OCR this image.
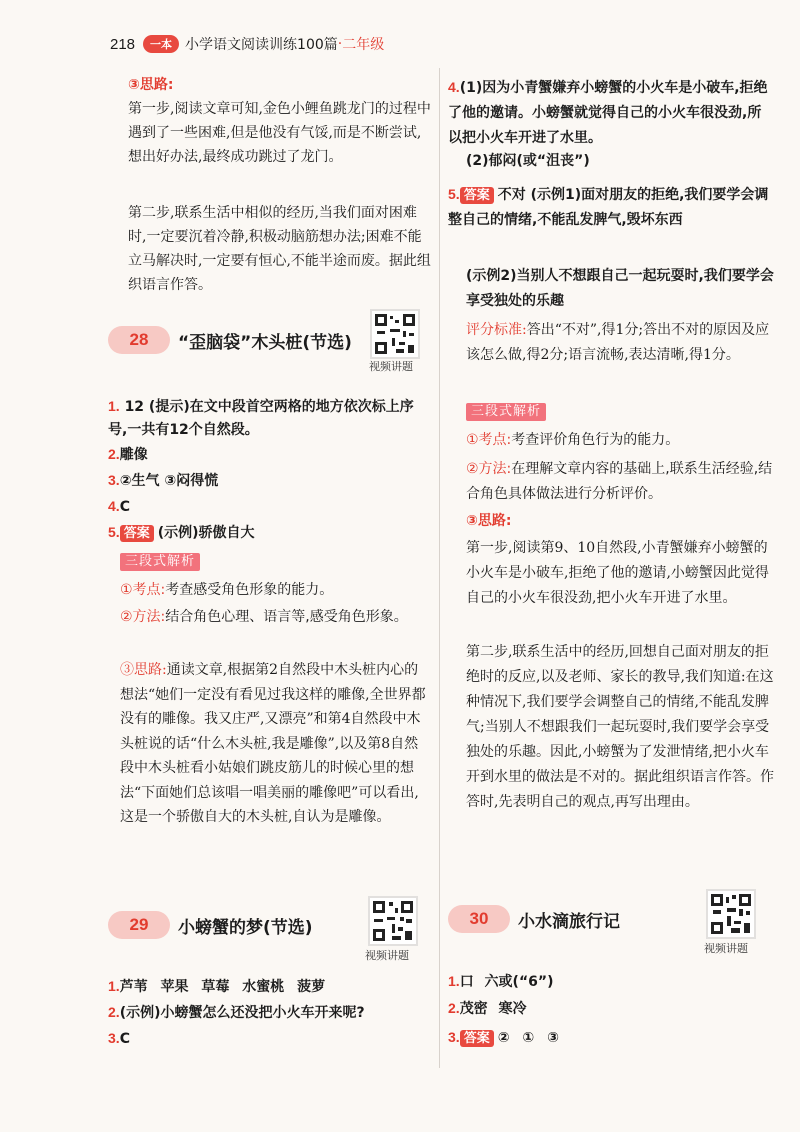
218	一本 小学语文阅读训练100篇 · 二年级
③思路:
第一步,阅读文章可知,金色小鲤鱼跳龙门的过程中遇到了一些困难,但是他没有气馁,而是不断尝试,想出好办法,最终成功跳过了龙门。
第二步,联系生活中相似的经历,当我们面对困难时,一定要沉着冷静,积极动脑筋想办法;困难不能立马解决时,一定要有恒心,不能半途而废。据此组织语言作答。
28 “歪脑袋”木头桩(节选)
视频讲题
1. 12 (提示)在文中段首空两格的地方依次标上序号,一共有12个自然段。
2.雕像
3.②生气 ③闷得慌
4.C
5. 答案 (示例)骄傲自大
三段式解析
①考点:考查感受角色形象的能力。
②方法:结合角色心理、语言等,感受角色形象。
③思路:通读文章,根据第2自然段中木头桩内心的想法“她们一定没有看见过我这样的雕像,全世界都没有的雕像。我又庄严,又漂亮”和第4自然段中木头桩说的话“什么木头桩,我是雕像”,以及第8自然段中木头桩看小姑娘们跳皮筋儿的时候心里的想法“下面她们总该唱一唱美丽的雕像吧”可以看出,这是一个骄傲自大的木头桩,自认为是雕像。
29 小螃蟹的梦(节选)
视频讲题
1.芦苇 苹果 草莓 水蜜桃 菠萝
2.(示例)小螃蟹怎么还没把小火车开来呢?
3.C
4.(1)因为小青蟹嫌弃小螃蟹的小火车是小破车,拒绝了他的邀请。小螃蟹就觉得自己的小火车很没劲,所以把小火车开进了水里。
(2)郁闷(或“沮丧”)
5. 答案 不对 (示例1)面对朋友的拒绝,我们要学会调整自己的情绪,不能乱发脾气,毁坏东西
(示例2)当别人不想跟自己一起玩耍时,我们要学会享受独处的乐趣
评分标准:答出“不对”,得1分;答出不对的原因及应该怎么做,得2分;语言流畅,表达清晰,得1分。
三段式解析
①考点:考查评价角色行为的能力。
②方法:在理解文章内容的基础上,联系生活经验,结合角色具体做法进行分析评价。
③思路:
第一步,阅读第9、10自然段,小青蟹嫌弃小螃蟹的小火车是小破车,拒绝了他的邀请,小螃蟹因此觉得自己的小火车很没劲,把小火车开进了水里。
第二步,联系生活中的经历,回想自己面对朋友的拒绝时的反应,以及老师、家长的教导,我们知道:在这种情况下,我们要学会调整自己的情绪,不能乱发脾气;当别人不想跟我们一起玩耍时,我们要学会享受独处的乐趣。因此,小螃蟹为了发泄情绪,把小火车开到水里的做法是不对的。据此组织语言作答。作答时,先表明自己的观点,再写出理由。
30 小水滴旅行记
视频讲题
1.口 六或(“6”)
2.茂密 寒冷
3. 答案 ② ① ③
